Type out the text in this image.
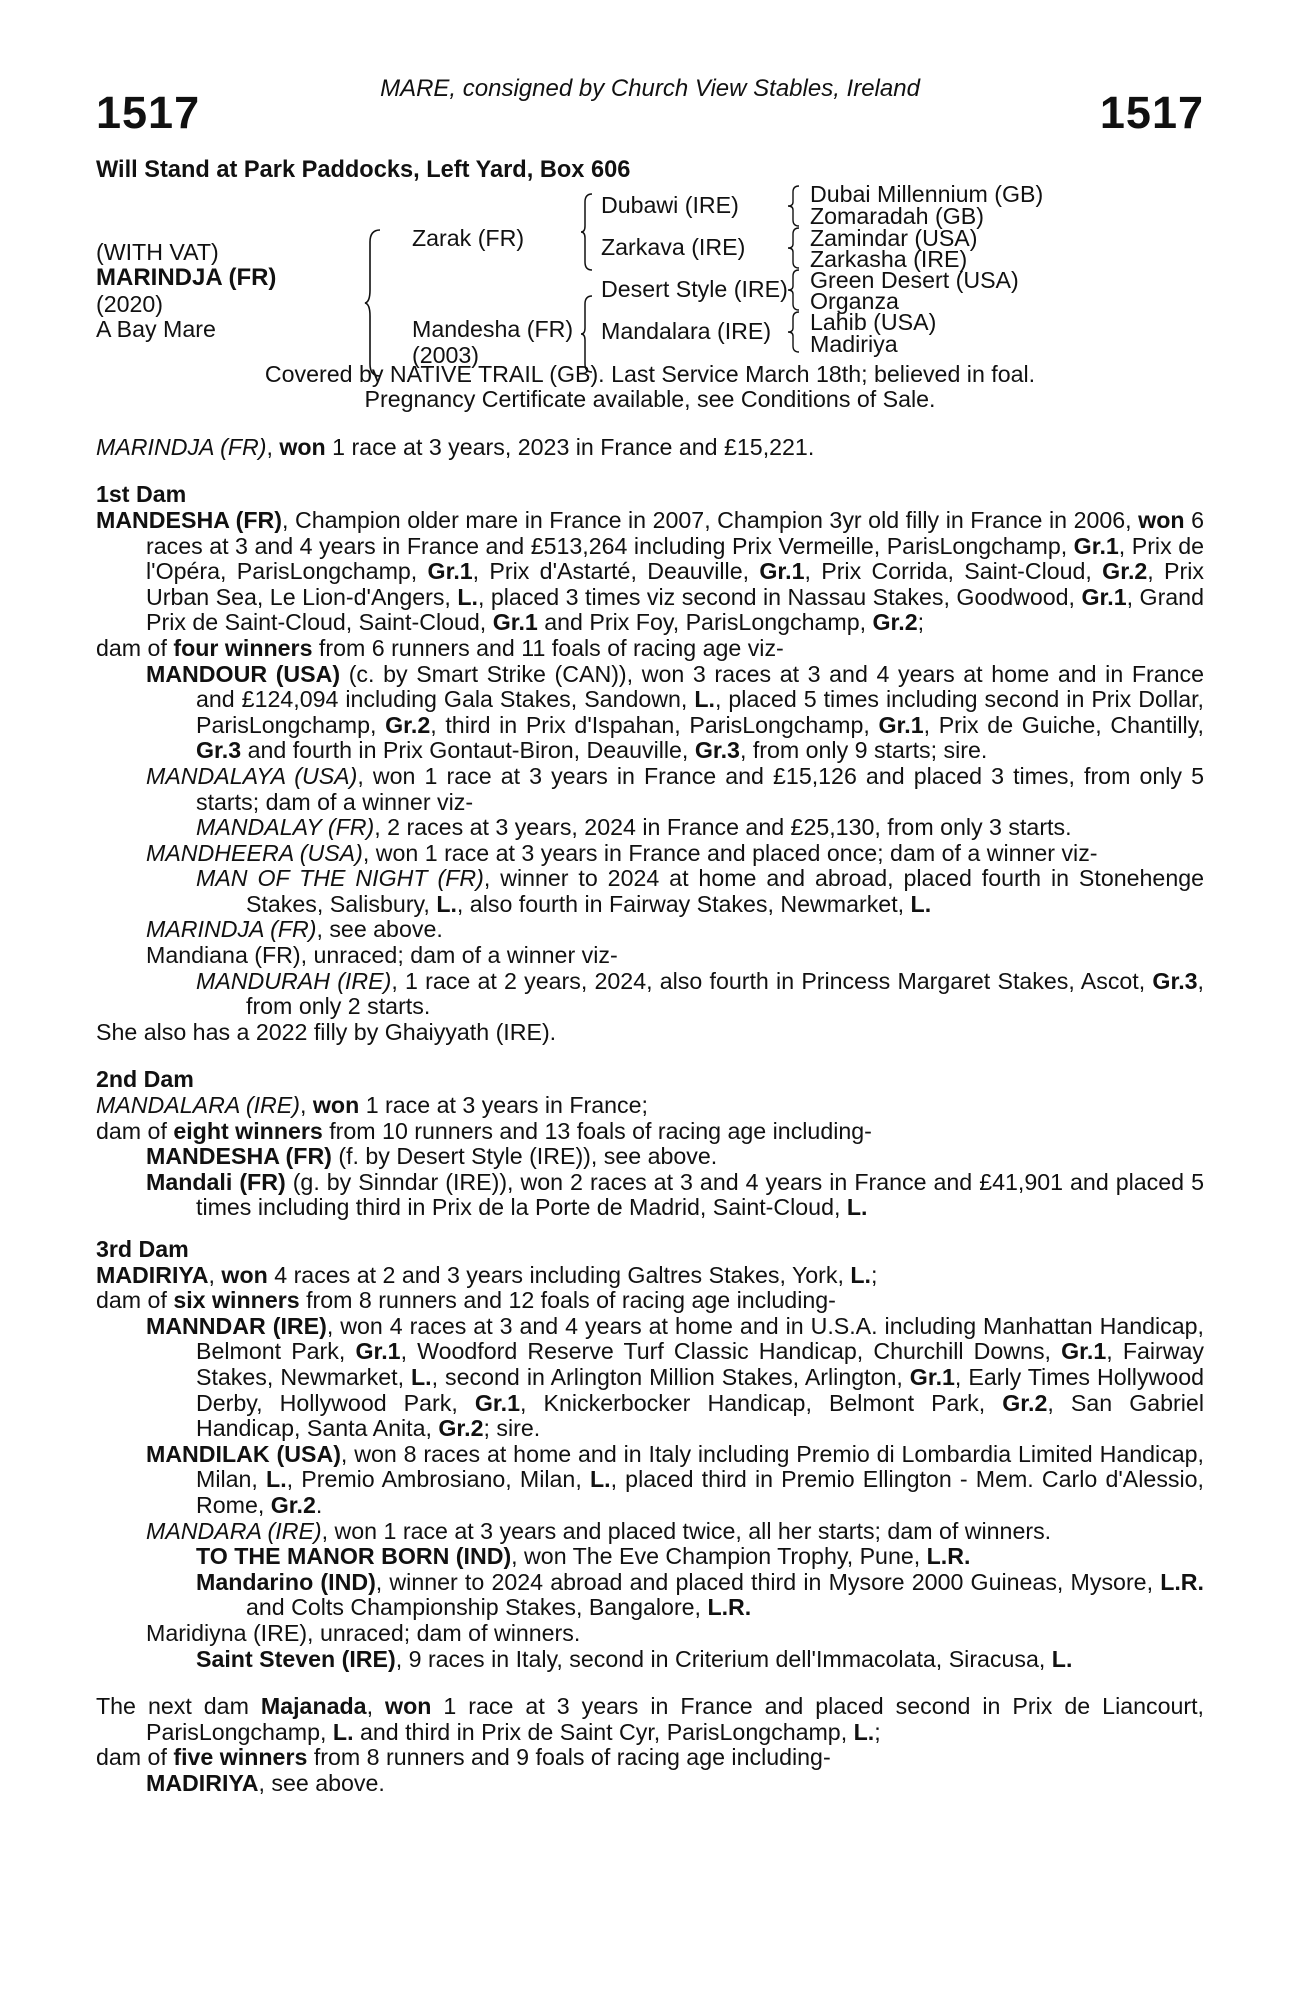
MARE, consigned by Church View Stables, Ireland
1517	1517
Will Stand at Park Paddocks, Left Yard, Box 606
(WITH VAT)
MARINDJA (FR)
(2020)
A Bay Mare
Zarak (FR)
Mandesha (FR)
(2003)
Dubawi (IRE)
Zarkava (IRE)
Desert Style (IRE)
Mandalara (IRE)
Dubai Millennium (GB)
Zomaradah (GB)
Zamindar (USA)
Zarkasha (IRE)
Green Desert (USA)
Organza
Lahib (USA)
Madiriya
Covered by NATIVE TRAIL (GB). Last Service March 18th; believed in foal.
Pregnancy Certificate available, see Conditions of Sale.

MARINDJA (FR), won 1 race at 3 years, 2023 in France and £15,221.

1st Dam

MANDESHA (FR), Champion older mare in France in 2007, Champion 3yr old filly in France in 2006, won 6 races at 3 and 4 years in France and £513,264 including Prix Vermeille, ParisLongchamp, Gr.1, Prix de l'Opéra, ParisLongchamp, Gr.1, Prix d'Astarté, Deauville, Gr.1, Prix Corrida, Saint-Cloud, Gr.2, Prix Urban Sea, Le Lion-d'Angers, L., placed 3 times viz second in Nassau Stakes, Goodwood, Gr.1, Grand Prix de Saint-Cloud, Saint-Cloud, Gr.1 and Prix Foy, ParisLongchamp, Gr.2;

dam of four winners from 6 runners and 11 foals of racing age viz-

MANDOUR (USA) (c. by Smart Strike (CAN)), won 3 races at 3 and 4 years at home and in France and £124,094 including Gala Stakes, Sandown, L., placed 5 times including second in Prix Dollar, ParisLongchamp, Gr.2, third in Prix d'Ispahan, ParisLongchamp, Gr.1, Prix de Guiche, Chantilly, Gr.3 and fourth in Prix Gontaut-Biron, Deauville, Gr.3, from only 9 starts; sire.

MANDALAYA (USA), won 1 race at 3 years in France and £15,126 and placed 3 times, from only 5 starts; dam of a winner viz-

MANDALAY (FR), 2 races at 3 years, 2024 in France and £25,130, from only 3 starts.

MANDHEERA (USA), won 1 race at 3 years in France and placed once; dam of a winner viz-

MAN OF THE NIGHT (FR), winner to 2024 at home and abroad, placed fourth in Stonehenge Stakes, Salisbury, L., also fourth in Fairway Stakes, Newmarket, L.

MARINDJA (FR), see above.

Mandiana (FR), unraced; dam of a winner viz-

MANDURAH (IRE), 1 race at 2 years, 2024, also fourth in Princess Margaret Stakes, Ascot, Gr.3, from only 2 starts.

She also has a 2022 filly by Ghaiyyath (IRE).

2nd Dam

MANDALARA (IRE), won 1 race at 3 years in France;

dam of eight winners from 10 runners and 13 foals of racing age including-

MANDESHA (FR) (f. by Desert Style (IRE)), see above.

Mandali (FR) (g. by Sinndar (IRE)), won 2 races at 3 and 4 years in France and £41,901 and placed 5 times including third in Prix de la Porte de Madrid, Saint-Cloud, L.

3rd Dam

MADIRIYA, won 4 races at 2 and 3 years including Galtres Stakes, York, L.;

dam of six winners from 8 runners and 12 foals of racing age including-

MANNDAR (IRE), won 4 races at 3 and 4 years at home and in U.S.A. including Manhattan Handicap, Belmont Park, Gr.1, Woodford Reserve Turf Classic Handicap, Churchill Downs, Gr.1, Fairway Stakes, Newmarket, L., second in Arlington Million Stakes, Arlington, Gr.1, Early Times Hollywood Derby, Hollywood Park, Gr.1, Knickerbocker Handicap, Belmont Park, Gr.2, San Gabriel Handicap, Santa Anita, Gr.2; sire.

MANDILAK (USA), won 8 races at home and in Italy including Premio di Lombardia Limited Handicap, Milan, L., Premio Ambrosiano, Milan, L., placed third in Premio Ellington - Mem. Carlo d'Alessio, Rome, Gr.2.

MANDARA (IRE), won 1 race at 3 years and placed twice, all her starts; dam of winners.

TO THE MANOR BORN (IND), won The Eve Champion Trophy, Pune, L.R.

Mandarino (IND), winner to 2024 abroad and placed third in Mysore 2000 Guineas, Mysore, L.R. and Colts Championship Stakes, Bangalore, L.R.

Maridiyna (IRE), unraced; dam of winners.

Saint Steven (IRE), 9 races in Italy, second in Criterium dell'Immacolata, Siracusa, L.

The next dam Majanada, won 1 race at 3 years in France and placed second in Prix de Liancourt, ParisLongchamp, L. and third in Prix de Saint Cyr, ParisLongchamp, L.;

dam of five winners from 8 runners and 9 foals of racing age including-

MADIRIYA, see above.
